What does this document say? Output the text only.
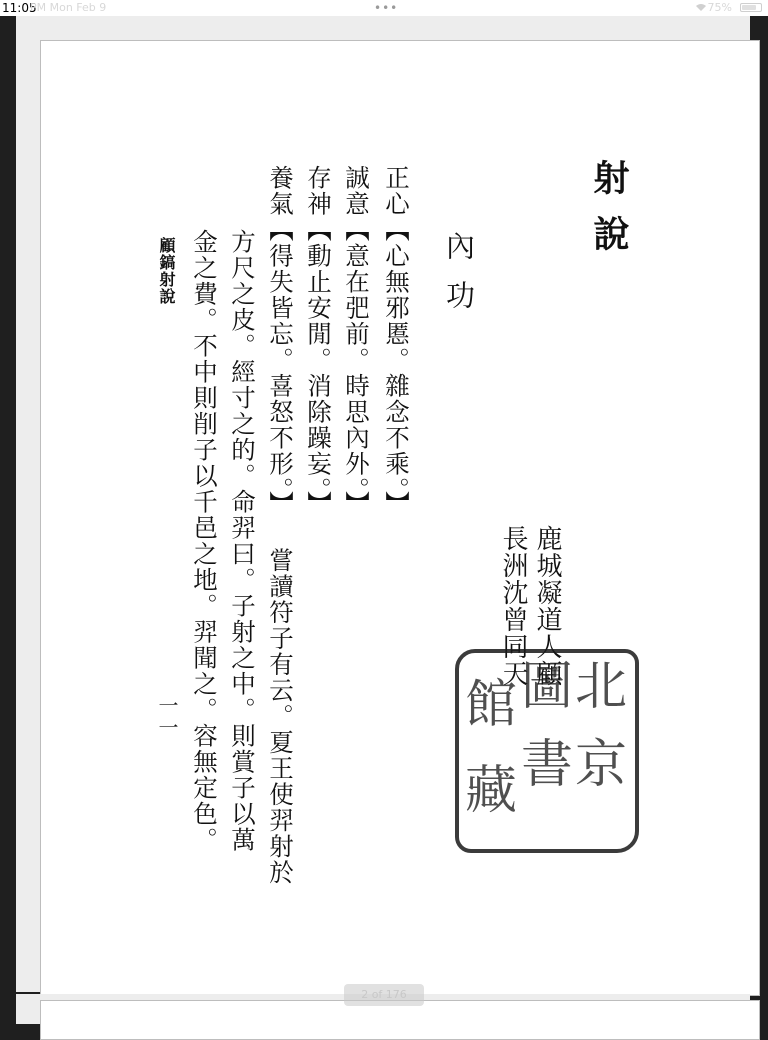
11:05
PM Mon Feb 9	•••	75%
射說
內功
鹿城凝道人顧
長洲沈曾同天
正心【心無邪慝。雜念不乘。】
誠意【意在弝前。時思內外。】
存神【動止安閒。消除躁妄。】
養氣【得失皆忘。喜怒不形。】 嘗讀符子有云。夏王使羿射於
方尺之皮。經寸之的。命羿曰。子射之中。則賞子以萬
金之費。不中則削子以千邑之地。羿聞之。容無定色。
顧鎬射說
一一	北
京
圖
書
館
藏
2 of 176
